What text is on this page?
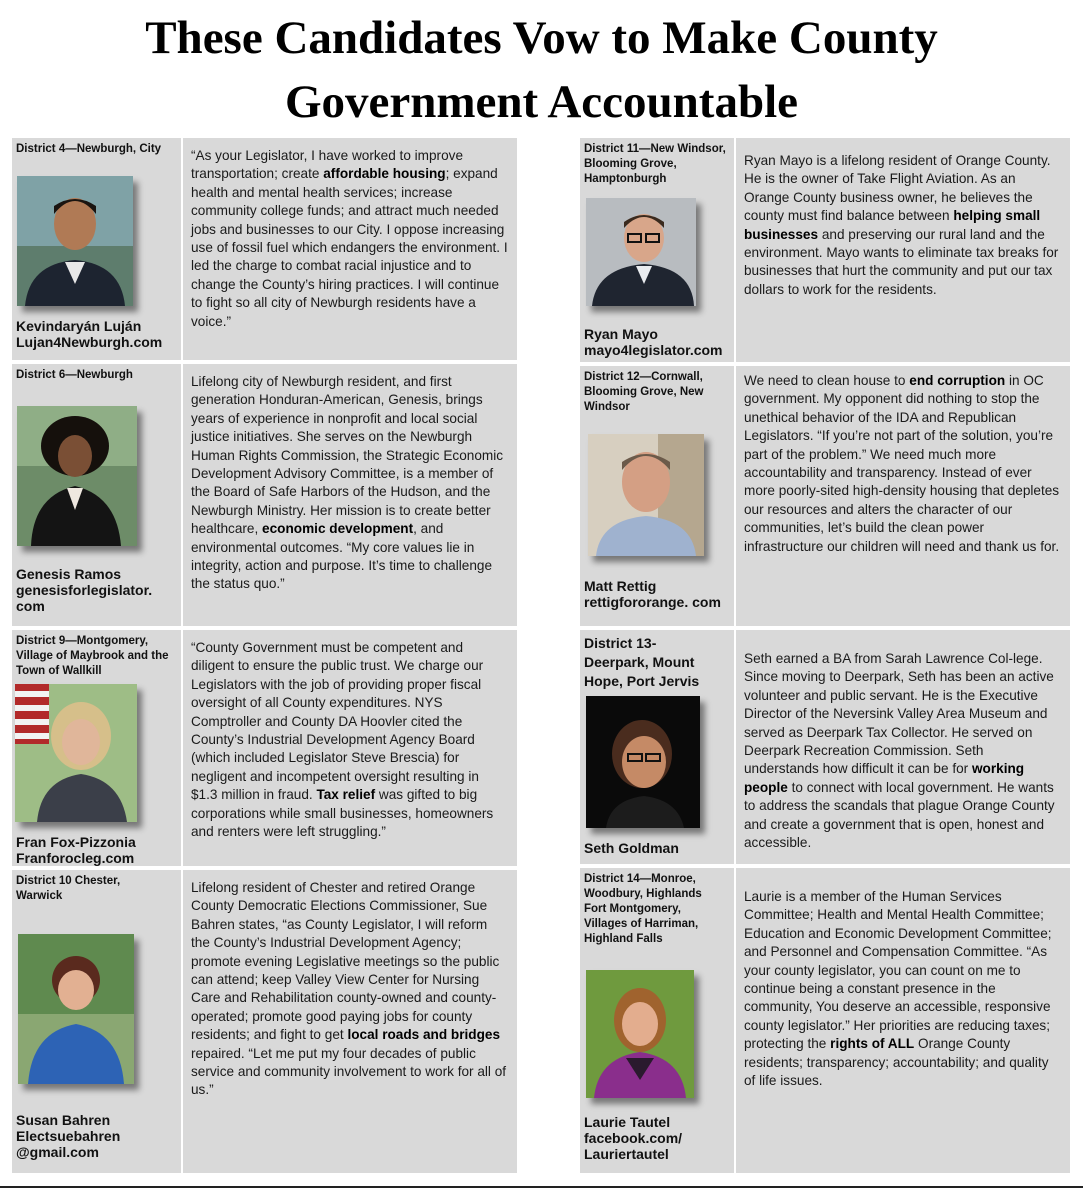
These Candidates Vow to Make County
Government Accountable
District 4—Newburgh, City
Kevindaryán Luján
Lujan4Newburgh.com
“As your Legislator, I have worked to improve transportation; create affordable housing; expand health and mental health services; increase community college funds; and attract much needed jobs and businesses to our City. I oppose increasing use of fossil fuel which endangers the environment. I led the charge to combat racial injustice and to change the County’s hiring practices. I will continue to fight so all city of Newburgh residents have a voice.”
District 6—Newburgh
Genesis Ramos
genesisforlegislator.
com
Lifelong city of Newburgh resident, and first generation Honduran-American, Genesis, brings years of experience in nonprofit and local social justice initiatives. She serves on the Newburgh Human Rights Commission, the Strategic Economic Development Advisory Committee, is a member of the Board of Safe Harbors of the Hudson, and the Newburgh Ministry. Her mission is to create better healthcare, economic development, and environmental outcomes. “My core values lie in integrity, action and purpose. It’s time to challenge the status quo.”
District 9—Montgomery, Village of Maybrook and the Town of Wallkill
Fran Fox-Pizzonia
Franforocleg.com
“County Government must be competent and diligent to ensure the public trust. We charge our Legislators with the job of providing proper fiscal oversight of all County expenditures. NYS Comptroller and County DA Hoovler cited the County’s Industrial Development Agency Board (which included Legislator Steve Brescia) for negligent and incompetent oversight resulting in $1.3 million in fraud. Tax relief was gifted to big corporations while small businesses, homeowners and renters were left struggling.”
District 10 Chester, Warwick
Susan Bahren
Electsuebahren
@gmail.com
Lifelong resident of Chester and retired Orange County Democratic Elections Commissioner, Sue Bahren states, “as County Legislator, I will reform the County’s Industrial Development Agency; promote evening Legislative meetings so the public can attend; keep Valley View Center for Nursing Care and Rehabilitation county-owned and county-operated; promote good paying jobs for county residents; and fight to get local roads and bridges repaired. “Let me put my four decades of public service and community involvement to work for all of us.”
District 11—New Windsor, Blooming Grove, Hamptonburgh
Ryan Mayo
mayo4legislator.com
Ryan Mayo is a lifelong resident of Orange County. He is the owner of Take Flight Aviation. As an Orange County business owner, he believes the county must find balance between helping small businesses and preserving our rural land and the environment. Mayo wants to eliminate tax breaks for businesses that hurt the community and put our tax dollars to work for the residents.
District 12—Cornwall, Blooming Grove, New Windsor
Matt Rettig
rettigfororange. com
We need to clean house to end corruption in OC government. My opponent did nothing to stop the unethical behavior of the IDA and Republican Legislators. “If you’re not part of the solution, you’re part of the problem.” We need much more accountability and transparency. Instead of ever more poorly-sited high-density housing that depletes our resources and alters the character of our communities, let’s build the clean power infrastructure our children will need and thank us for.
District 13- Deerpark, Mount Hope, Port Jervis
Seth Goldman
Seth earned a BA from Sarah Lawrence Col-lege. Since moving to Deerpark, Seth has been an active volunteer and public servant. He is the Executive Director of the Neversink Valley Area Museum and served as Deerpark Tax Collector. He served on Deerpark Recreation Commission. Seth understands how difficult it can be for working people to connect with local government. He wants to address the scandals that plague Orange County and create a government that is open, honest and accessible.
District 14—Monroe, Woodbury, Highlands Fort Montgomery, Villages of Harriman, Highland Falls
Laurie Tautel
facebook.com/
Lauriertautel
Laurie is a member of the Human Services Committee; Health and Mental Health Committee; Education and Economic Development Committee; and Personnel and Compensation Committee. “As your county legislator, you can count on me to continue being a constant presence in the community, You deserve an accessible, responsive county legislator.” Her priorities are reducing taxes; protecting the rights of ALL Orange County residents; transparency; accountability; and quality of life issues.
